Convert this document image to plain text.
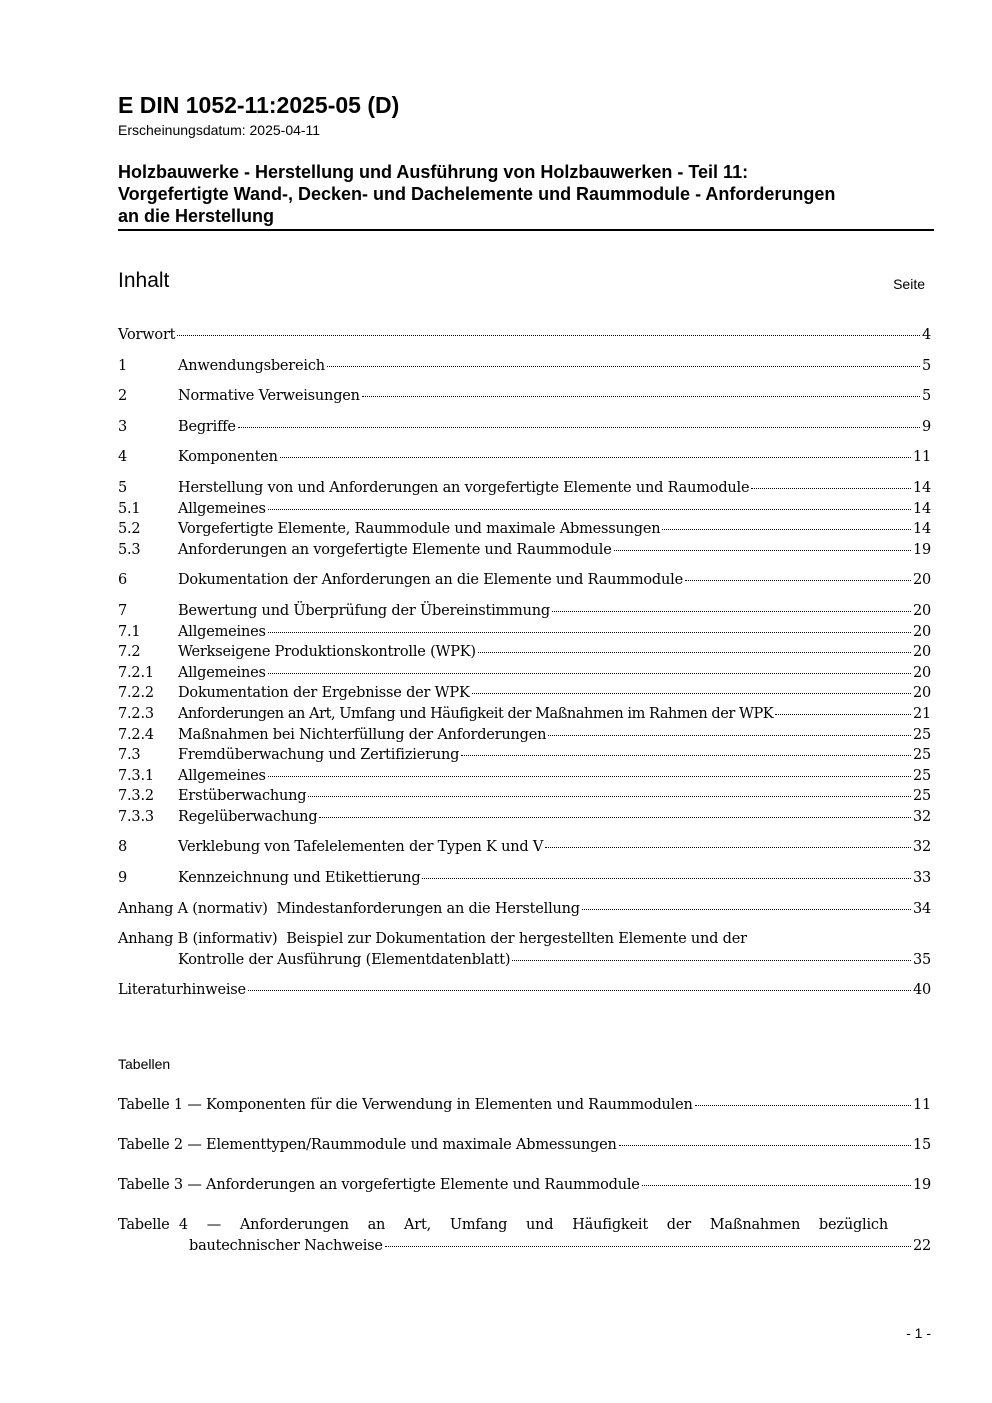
E DIN 1052-11:2025-05 (D)
Erscheinungsdatum: 2025-04-11
Holzbauwerke - Herstellung und Ausführung von Holzbauwerken - Teil 11:
Vorgefertigte Wand-, Decken- und Dachelemente und Raummodule - Anforderungen
an die Herstellung
Inhalt	Seite
Vorwort	4
1	Anwendungsbereich	5
2	Normative Verweisungen	5
3	Begriffe	9
4	Komponenten	11
5	Herstellung von und Anforderungen an vorgefertigte Elemente und Raumodule	14
5.1	Allgemeines	14
5.2	Vorgefertigte Elemente, Raummodule und maximale Abmessungen	14
5.3	Anforderungen an vorgefertigte Elemente und Raummodule	19
6	Dokumentation der Anforderungen an die Elemente und Raummodule	20
7	Bewertung und Überprüfung der Übereinstimmung	20
7.1	Allgemeines	20
7.2	Werkseigene Produktionskontrolle (WPK)	20
7.2.1	Allgemeines	20
7.2.2	Dokumentation der Ergebnisse der WPK	20
7.2.3	Anforderungen an Art, Umfang und Häufigkeit der Maßnahmen im Rahmen der WPK	21
7.2.4	Maßnahmen bei Nichterfüllung der Anforderungen	25
7.3	Fremdüberwachung und Zertifizierung	25
7.3.1	Allgemeines	25
7.3.2	Erstüberwachung	25
7.3.3	Regelüberwachung	32
8	Verklebung von Tafelelementen der Typen K und V	32
9	Kennzeichnung und Etikettierung	33
Anhang A (normativ)  Mindestanforderungen an die Herstellung	34
Anhang B (informativ)  Beispiel zur Dokumentation der hergestellten Elemente und der
Kontrolle der Ausführung (Elementdatenblatt)	35
Literaturhinweise	40
Tabellen
Tabelle 1 — Komponenten für die Verwendung in Elementen und Raummodulen	11
Tabelle 2 — Elementtypen/Raummodule und maximale Abmessungen	15
Tabelle 3 — Anforderungen an vorgefertigte Elemente und Raummodule	19
Tabelle 4  —  Anforderungen  an  Art,  Umfang  und  Häufigkeit  der  Maßnahmen  bezüglich
bautechnischer Nachweise	22
- 1 -
